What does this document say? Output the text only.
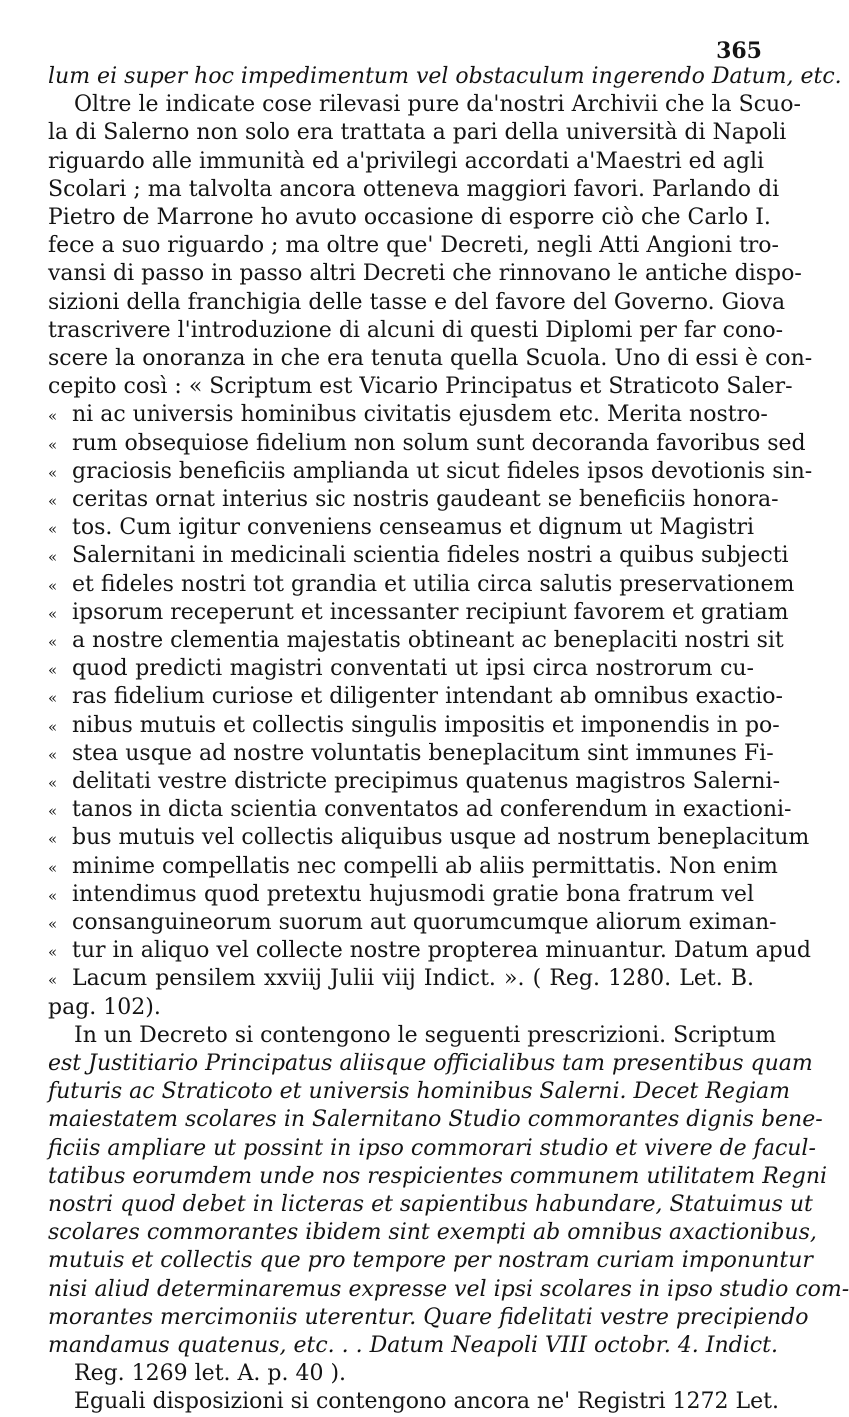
365
lum ei super hoc impedimentum vel obstaculum ingerendo Datum, etc.
Oltre le indicate cose rilevasi pure da'nostri Archivii che la Scuo-
la di Salerno non solo era trattata a pari della università di Napoli
riguardo alle immunità ed a'privilegi accordati a'Maestri ed agli
Scolari ; ma talvolta ancora otteneva maggiori favori. Parlando di
Pietro de Marrone ho avuto occasione di esporre ciò che Carlo I.
fece a suo riguardo ; ma oltre que' Decreti, negli Atti Angioni tro-
vansi di passo in passo altri Decreti che rinnovano le antiche dispo-
sizioni della franchigia delle tasse e del favore del Governo. Giova
trascrivere l'introduzione di alcuni di questi Diplomi per far cono-
scere la onoranza in che era tenuta quella Scuola. Uno di essi è con-
cepito così : « Scriptum est Vicario Principatus et Straticoto Saler-
« ni ac universis hominibus civitatis ejusdem etc. Merita nostro-
« rum obsequiose fidelium non solum sunt decoranda favoribus sed
« graciosis beneficiis amplianda ut sicut fideles ipsos devotionis sin-
« ceritas ornat interius sic nostris gaudeant se beneficiis honora-
« tos. Cum igitur conveniens censeamus et dignum ut Magistri
« Salernitani in medicinali scientia fideles nostri a quibus subjecti
« et fideles nostri tot grandia et utilia circa salutis preservationem
« ipsorum receperunt et incessanter recipiunt favorem et gratiam
« a nostre clementia majestatis obtineant ac beneplaciti nostri sit
« quod predicti magistri conventati ut ipsi circa nostrorum cu-
« ras fidelium curiose et diligenter intendant ab omnibus exactio-
« nibus mutuis et collectis singulis impositis et imponendis in po-
« stea usque ad nostre voluntatis beneplacitum sint immunes Fi-
« delitati vestre districte precipimus quatenus magistros Salerni-
« tanos in dicta scientia conventatos ad conferendum in exactioni-
« bus mutuis vel collectis aliquibus usque ad nostrum beneplacitum
« minime compellatis nec compelli ab aliis permittatis. Non enim
« intendimus quod pretextu hujusmodi gratie bona fratrum vel
« consanguineorum suorum aut quorumcumque aliorum eximan-
« tur in aliquo vel collecte nostre propterea minuantur. Datum apud
« Lacum pensilem xxviij Julii viij Indict. ». ( Reg. 1280. Let. B.
pag. 102).
In un Decreto si contengono le seguenti prescrizioni. Scriptum
est Justitiario Principatus aliisque officialibus tam presentibus quam
futuris ac Straticoto et universis hominibus Salerni. Decet Regiam
maiestatem scolares in Salernitano Studio commorantes dignis bene-
ficiis ampliare ut possint in ipso commorari studio et vivere de facul-
tatibus eorumdem unde nos respicientes communem utilitatem Regni
nostri quod debet in licteras et sapientibus habundare, Statuimus ut
scolares commorantes ibidem sint exempti ab omnibus axactionibus,
mutuis et collectis que pro tempore per nostram curiam imponuntur
nisi aliud determinaremus expresse vel ipsi scolares in ipso studio com-
morantes mercimoniis uterentur. Quare fidelitati vestre precipiendo
mandamus quatenus, etc. . . Datum Neapoli VIII octobr. 4. Indict.
Reg. 1269 let. A. p. 40 ).
Eguali disposizioni si contengono ancora ne' Registri 1272 Let.
